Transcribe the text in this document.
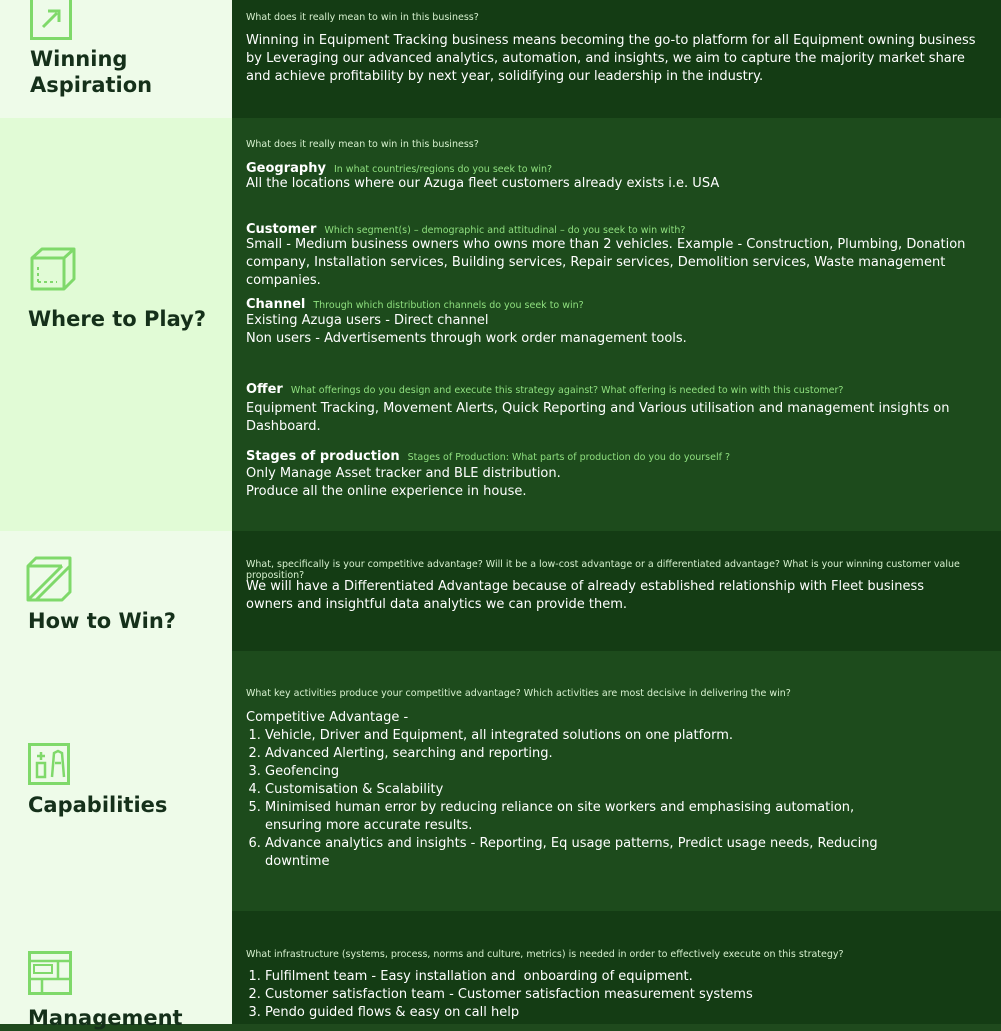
Winning
Aspiration

What does it really mean to win in this business?

Winning in Equipment Tracking business means becoming the go-to platform for all Equipment owning business by Leveraging our advanced analytics, automation, and insights, we aim to capture the majority market share and achieve profitability by next year, solidifying our leadership in the industry.

Where to Play?

What does it really mean to win in this business?

Geography In what countries/regions do you seek to win?

All the locations where our Azuga fleet customers already exists i.e. USA

Customer Which segment(s) – demographic and attitudinal – do you seek to win with?

Small - Medium business owners who owns more than 2 vehicles. Example - Construction, Plumbing, Donation company, Installation services, Building services, Repair services, Demolition services, Waste management companies.

Channel Through which distribution channels do you seek to win?

Existing Azuga users - Direct channel
Non users - Advertisements through work order management tools.

Offer What offerings do you design and execute this strategy against? What offering is needed to win with this customer?

Equipment Tracking, Movement Alerts, Quick Reporting and Various utilisation and management insights on Dashboard.

Stages of production Stages of Production: What parts of production do you do yourself ?

Only Manage Asset tracker and BLE distribution.
Produce all the online experience in house.

How to Win?

What, specifically is your competitive advantage? Will it be a low-cost advantage or a differentiated advantage? What is your winning customer value proposition?

We will have a Differentiated Advantage because of already established relationship with Fleet business owners and insightful data analytics we can provide them.

Capabilities

What key activities produce your competitive advantage? Which activities are most decisive in delivering the win?

Competitive Advantage -
1. Vehicle, Driver and Equipment, all integrated solutions on one platform.
2. Advanced Alerting, searching and reporting.
3. Geofencing
4. Customisation & Scalability
5. Minimised human error by reducing reliance on site workers and emphasising automation, ensuring more accurate results.
6. Advance analytics and insights - Reporting, Eq usage patterns, Predict usage needs, Reducing downtime
Management

What infrastructure (systems, process, norms and culture, metrics) is needed in order to effectively execute on this strategy?

1. Fulfilment team - Easy installation and  onboarding of equipment.
2. Customer satisfaction team - Customer satisfaction measurement systems
3. Pendo guided flows & easy on call help
